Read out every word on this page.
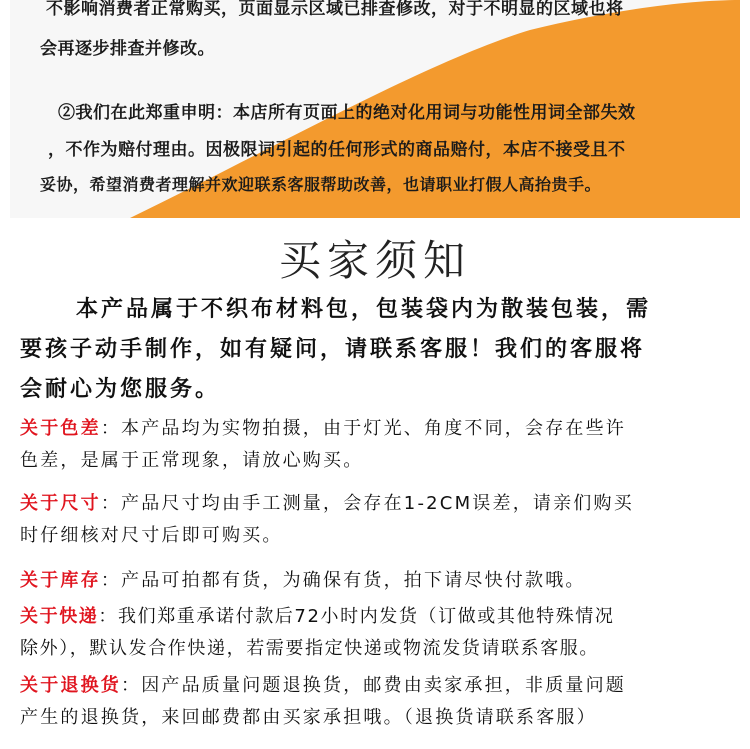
不影响消费者正常购买，页面显示区域已排查修改，对于不明显的区域也将
会再逐步排查并修改。
②我们在此郑重申明：本店所有页面上的绝对化用词与功能性用词全部失效
，不作为赔付理由。因极限词引起的任何形式的商品赔付，本店不接受且不
妥协，希望消费者理解并欢迎联系客服帮助改善，也请职业打假人高抬贵手。
买家须知
本产品属于不织布材料包，包装袋内为散装包装，需
要孩子动手制作，如有疑问，请联系客服！我们的客服将
会耐心为您服务。
关于色差：本产品均为实物拍摄，由于灯光、角度不同，会存在些许
色差，是属于正常现象，请放心购买。
关于尺寸：产品尺寸均由手工测量，会存在1-2CM误差，请亲们购买
时仔细核对尺寸后即可购买。
关于库存：产品可拍都有货，为确保有货，拍下请尽快付款哦。
关于快递：我们郑重承诺付款后72小时内发货（订做或其他特殊情况
除外），默认发合作快递，若需要指定快递或物流发货请联系客服。
关于退换货：因产品质量问题退换货，邮费由卖家承担，非质量问题
产生的退换货，来回邮费都由买家承担哦。（退换货请联系客服）
